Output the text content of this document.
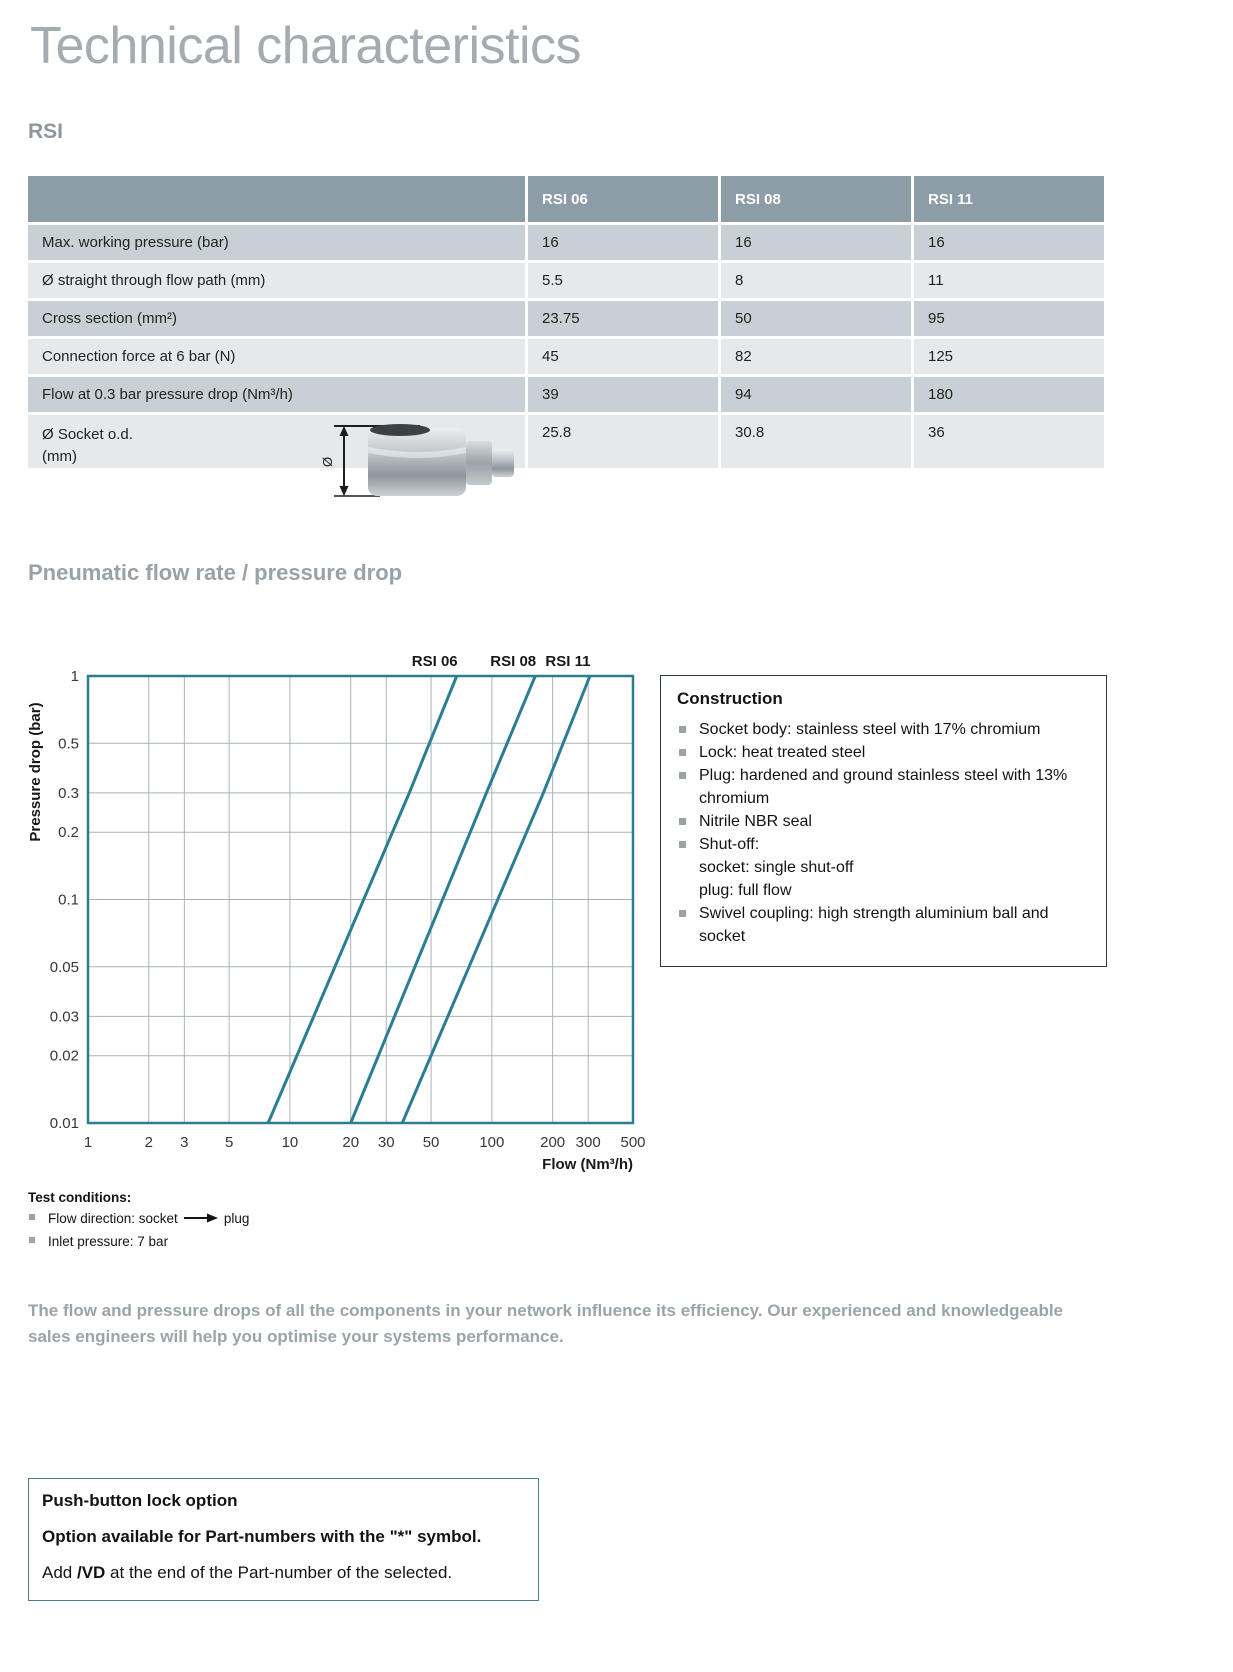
Technical characteristics
RSI
	RSI 06	RSI 08	RSI 11
Max. working pressure (bar)	16	16	16
Ø straight through flow path (mm)	5.5	8	11
Cross section (mm²)	23.75	50	95
Connection force at 6 bar (N)	45	82	125
Flow at 0.3 bar pressure drop (Nm³/h)	39	94	180
Ø Socket o.d.
(mm) Ø	25.8	30.8	36
Pneumatic flow rate / pressure drop
RSI 06 RSI 08 RSI 11
1	2 3 5	10	20 30 50	100 200 300 500
1
0.5
0.3
0.2
0.1
0.05
0.03
0.02
0.01
Flow (Nm³/h)
Pressure drop (bar)
Construction
Socket body: stainless steel with 17% chromium
Lock: heat treated steel
Plug: hardened and ground stainless steel with 13% chromium
Nitrile NBR seal
Shut-off:
socket: single shut-off
plug: full flow
Swivel coupling: high strength aluminium ball and socket
Test conditions:
Flow direction: socket	plug
Inlet pressure: 7 bar

The flow and pressure drops of all the components in your network influence its efficiency. Our experienced and knowledgeable sales engineers will help you optimise your systems performance.

Push-button lock option
Option available for Part-numbers with the "*" symbol.
Add /VD at the end of the Part-number of the selected.
